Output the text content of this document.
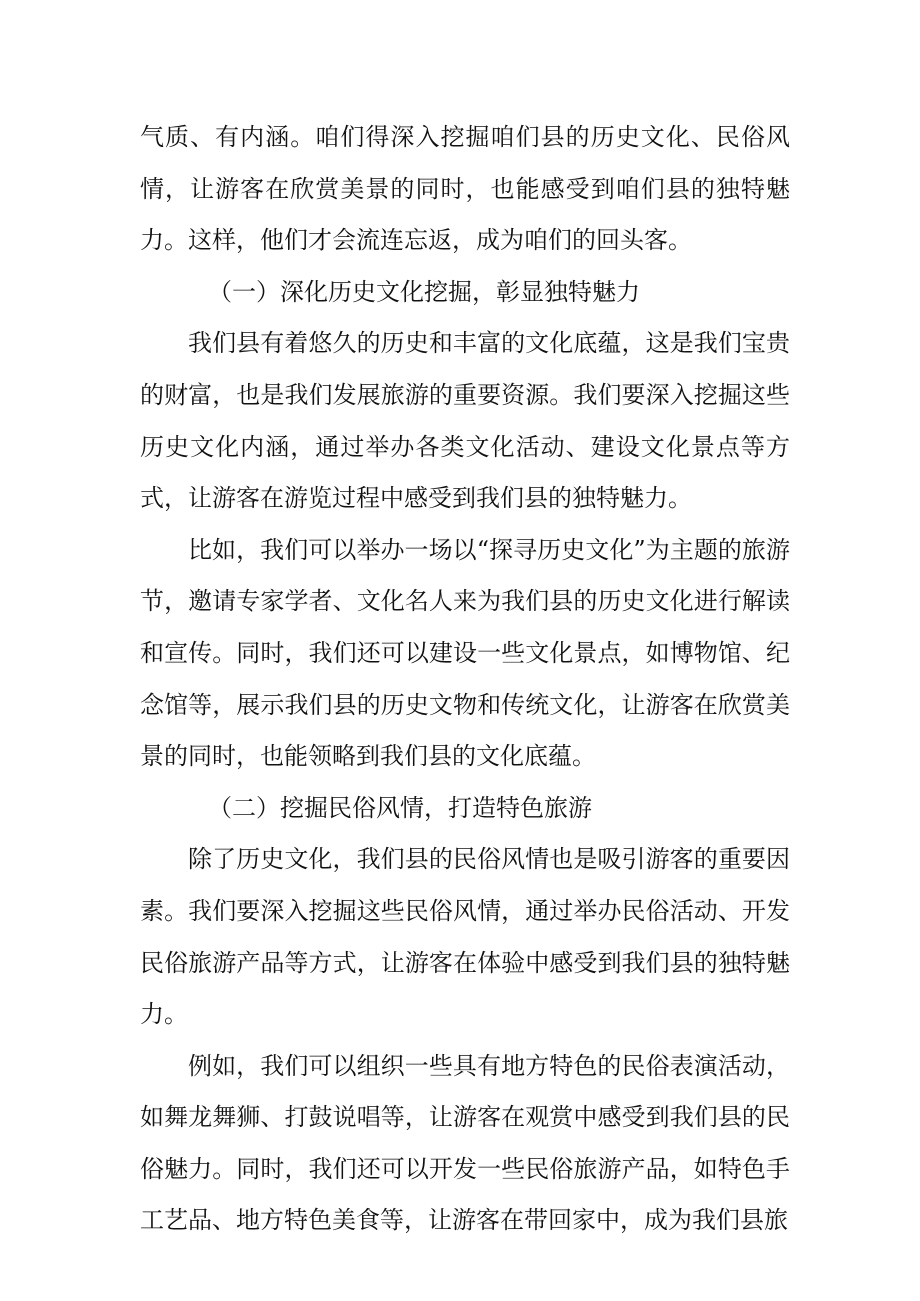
气质、有内涵。咱们得深入挖掘咱们县的历史文化、民俗风情，让游客在欣赏美景的同时，也能感受到咱们县的独特魅力。这样，他们才会流连忘返，成为咱们的回头客。

（一）深化历史文化挖掘，彰显独特魅力

我们县有着悠久的历史和丰富的文化底蕴，这是我们宝贵的财富，也是我们发展旅游的重要资源。我们要深入挖掘这些历史文化内涵，通过举办各类文化活动、建设文化景点等方式，让游客在游览过程中感受到我们县的独特魅力。

比如，我们可以举办一场以“探寻历史文化”为主题的旅游节，邀请专家学者、文化名人来为我们县的历史文化进行解读和宣传。同时，我们还可以建设一些文化景点，如博物馆、纪念馆等，展示我们县的历史文物和传统文化，让游客在欣赏美景的同时，也能领略到我们县的文化底蕴。

（二）挖掘民俗风情，打造特色旅游

除了历史文化，我们县的民俗风情也是吸引游客的重要因素。我们要深入挖掘这些民俗风情，通过举办民俗活动、开发民俗旅游产品等方式，让游客在体验中感受到我们县的独特魅力。

例如，我们可以组织一些具有地方特色的民俗表演活动，如舞龙舞狮、打鼓说唱等，让游客在观赏中感受到我们县的民俗魅力。同时，我们还可以开发一些民俗旅游产品，如特色手工艺品、地方特色美食等，让游客在带回家中，成为我们县旅
